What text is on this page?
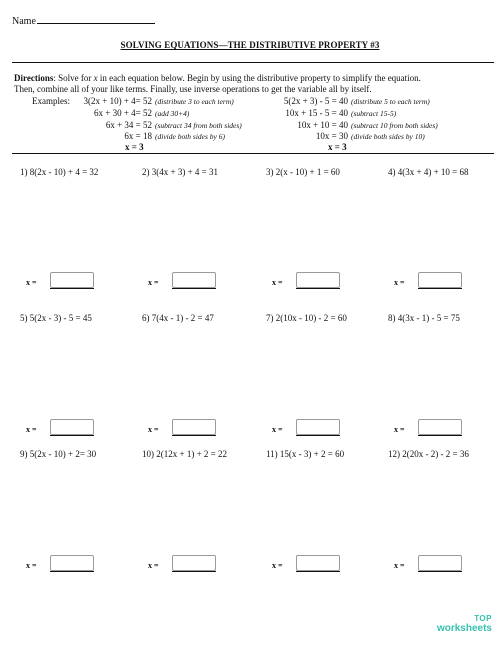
Name
SOLVING EQUATIONS—THE DISTRIBUTIVE PROPERTY #3
Directions: Solve for x in each equation below. Begin by using the distributive property to simplify the equation.
Then, combine all of your like terms. Finally, use inverse operations to get the variable all by itself.
Examples: 3(2x + 10) + 4= 52 (distribute 3 to each term)
6x + 30 + 4= 52 (add 30+4)
6x + 34 = 52 (subtract 34 from both sides)
6x = 18 (divide both sides by 6)
x = 3
5(2x + 3) - 5 = 40 (distribute 5 to each term)
10x + 15 - 5 = 40 (subtract 15-5)
10x + 10 = 40 (subtract 10 from both sides)
10x = 30 (divide both sides by 10)
x = 3
1) 8(2x - 10) + 4 = 32
x =
2) 3(4x + 3) + 4 = 31
x =
3) 2(x - 10) + 1 = 60
x =
4) 4(3x + 4) + 10 = 68
x =
5) 5(2x - 3) - 5 = 45
x =
6) 7(4x - 1) - 2 = 47
x =
7) 2(10x - 10) - 2 = 60
x =
8) 4(3x - 1) - 5 = 75
x =
9) 5(2x - 10) + 2= 30
x =
10) 2(12x + 1) + 2 = 22
x =
11) 15(x - 3) + 2 = 60
x =
12) 2(20x - 2) - 2 = 36
x =
TOP
worksheets
